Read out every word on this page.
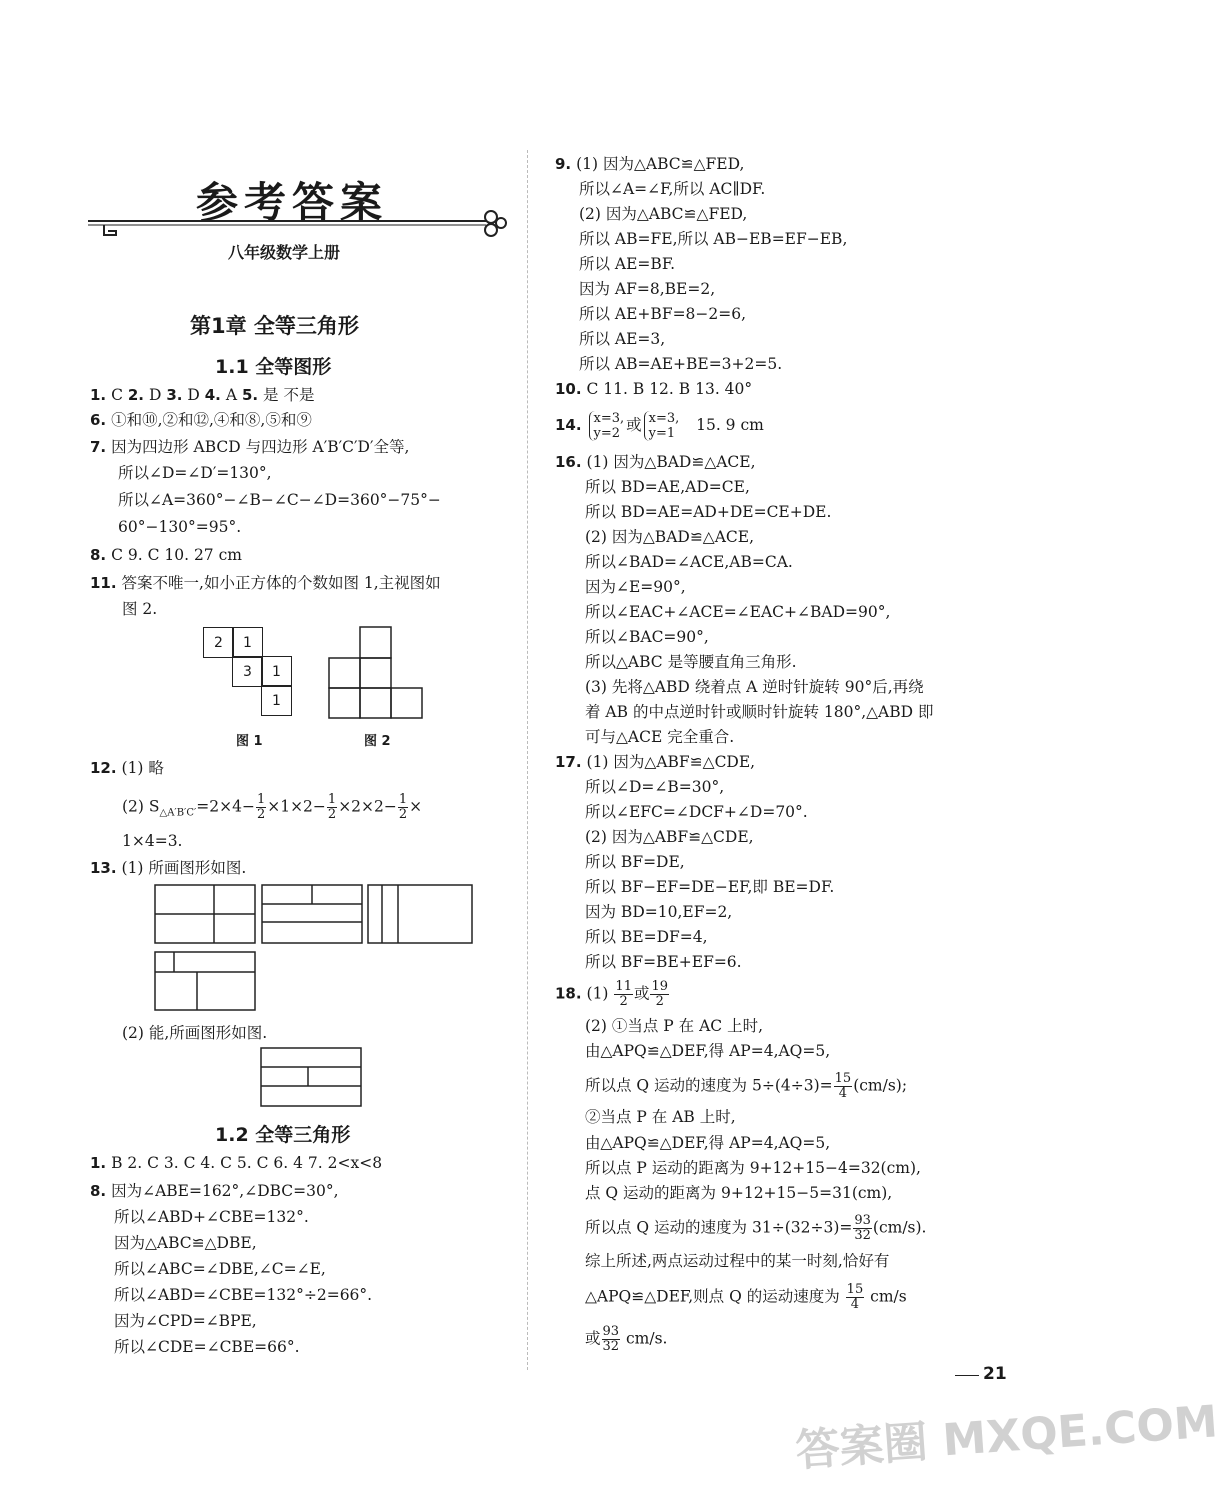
参考答案
八年级数学上册
第1章 全等三角形
1.1 全等图形
1. C 2. D 3. D 4. A 5. 是 不是
6. ①和⑩,②和⑫,④和⑧,⑤和⑨
7. 因为四边形 ABCD 与四边形 A′B′C′D′全等,
所以∠D=∠D′=130°,
所以∠A=360°−∠B−∠C−∠D=360°−75°−
60°−130°=95°.
8. C 9. C 10. 27 cm
11. 答案不唯一,如小正方体的个数如图 1,主视图如
图 2.
2	1
3	1
1
图 1	图 2
12. (1) 略
(2) $S_{\triangle A'B'C'}=2\times 4- \frac{1}{2} \times 1\times 2- \frac{1}{2} \times 2\times 2- \frac{1}{2}$ ×
1×4=3.
13. (1) 所画图形如图.
(2) 能,所画图形如图.
1.2 全等三角形
1. B 2. C 3. C 4. C 5. C 6. 4 7. 2<x<8
8. 因为∠ABE=162°,∠DBC=30°,
所以∠ABD+∠CBE=132°.
因为△ABC≌△DBE,
所以∠ABC=∠DBE,∠C=∠E,
所以∠ABD=∠CBE=132°÷2=66°.
因为∠CPD=∠BPE,
所以∠CDE=∠CBE=66°.
9. (1) 因为△ABC≌△FED,
所以∠A=∠F,所以 AC∥DF.
(2) 因为△ABC≌△FED,
所以 AB=FE,所以 AB−EB=EF−EB,
所以 AE=BF.
因为 AF=8,BE=2,
所以 AE+BF=8−2=6,
所以 AE=3,
所以 AB=AE+BE=3+2=5.
10. C 11. B 12. B 13. 40°
14. x=3,
y=2 或 x=3,
y=1 15. 9 cm
16. (1) 因为△BAD≌△ACE,
所以 BD=AE,AD=CE,
所以 BD=AE=AD+DE=CE+DE.
(2) 因为△BAD≌△ACE,
所以∠BAD=∠ACE,AB=CA.
因为∠E=90°,
所以∠EAC+∠ACE=∠EAC+∠BAD=90°,
所以∠BAC=90°,
所以△ABC 是等腰直角三角形.
(3) 先将△ABD 绕着点 A 逆时针旋转 90°后,再绕
着 AB 的中点逆时针或顺时针旋转 180°,△ABD 即
可与△ACE 完全重合.
17. (1) 因为△ABF≌△CDE,
所以∠D=∠B=30°,
所以∠EFC=∠DCF+∠D=70°.
(2) 因为△ABF≌△CDE,
所以 BF=DE,
所以 BF−EF=DE−EF,即 BE=DF.
因为 BD=10,EF=2,
所以 BE=DF=4,
所以 BF=BE+EF=6.
18. $(1) \frac{11}{2}$ 或 $\frac{19}{2}$
(2) ①当点 P 在 AC 上时,
由△APQ≌△DEF,得 AP=4,AQ=5,
所以点 Q 运动的速度为 $5\div(4\div 3)= \frac{15}{4} (cm/s)$;
②当点 P 在 AB 上时,
由△APQ≌△DEF,得 AP=4,AQ=5,
所以点 P 运动的距离为 9+12+15−4=32(cm),
点 Q 运动的距离为 9+12+15−5=31(cm),
所以点 Q 运动的速度为 $31\div(32\div 3)= \frac{93}{32} (cm/s)$.
综上所述,两点运动过程中的某一时刻,恰好有
△APQ≌△DEF,则点 Q 的运动速度为 $\frac{15}{4} cm/s$
或 $\frac{93}{32} cm/s$.
21
答案圈 MXQE.COM
